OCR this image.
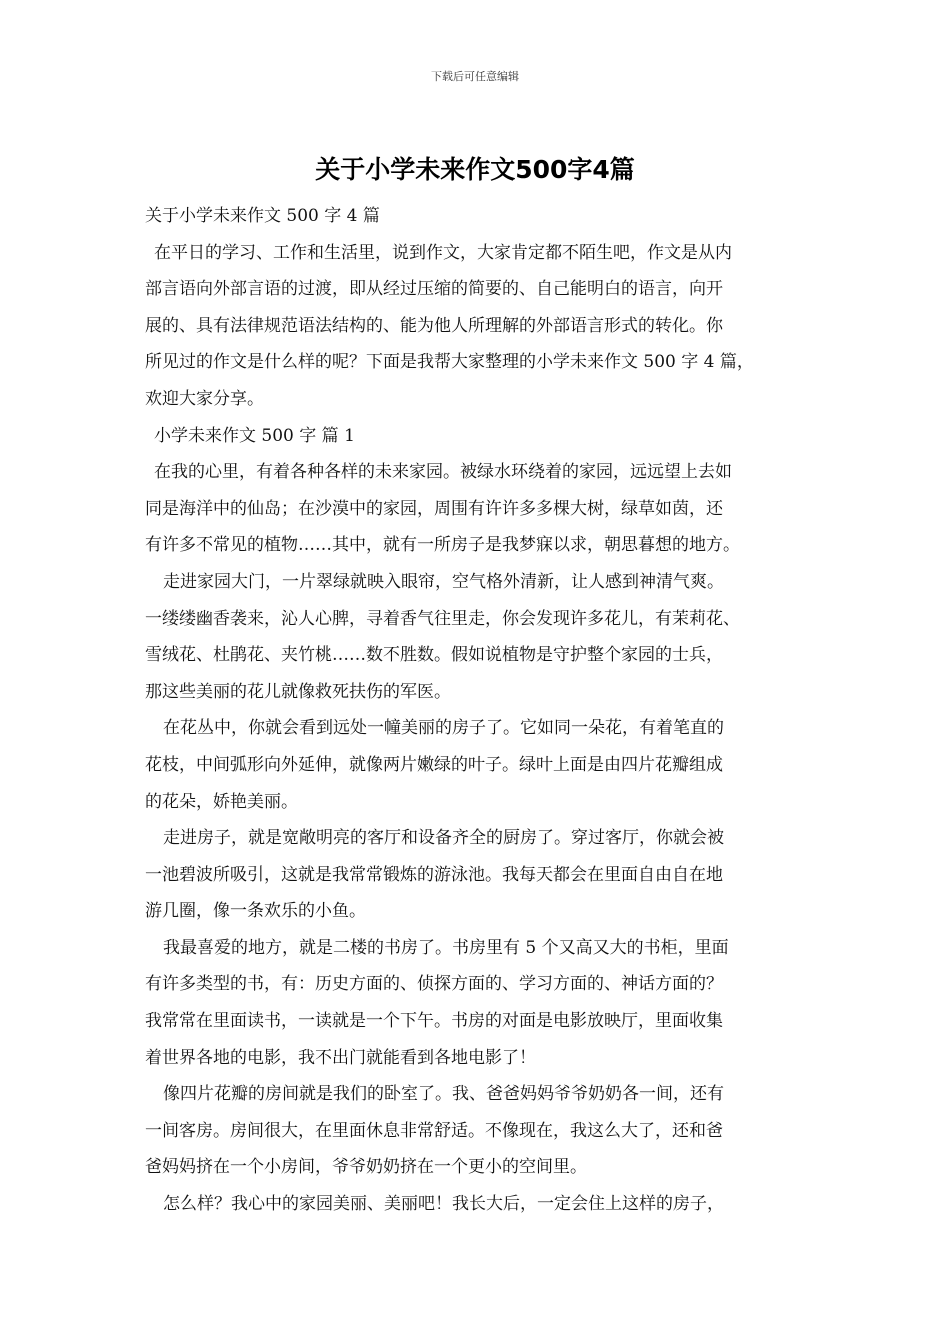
下载后可任意编辑
关于小学未来作文500字4篇
关于小学未来作文 500 字 4 篇
在平日的学习、工作和生活里，说到作文，大家肯定都不陌生吧，作文是从内
部言语向外部言语的过渡，即从经过压缩的简要的、自己能明白的语言，向开
展的、具有法律规范语法结构的、能为他人所理解的外部语言形式的转化。你
所见过的作文是什么样的呢？下面是我帮大家整理的小学未来作文 500 字 4 篇，
欢迎大家分享。
小学未来作文 500 字 篇 1
在我的心里，有着各种各样的未来家园。被绿水环绕着的家园，远远望上去如
同是海洋中的仙岛；在沙漠中的家园，周围有许许多多棵大树，绿草如茵，还
有许多不常见的植物……其中，就有一所房子是我梦寐以求，朝思暮想的地方。
走进家园大门，一片翠绿就映入眼帘，空气格外清新，让人感到神清气爽。
一缕缕幽香袭来，沁人心脾，寻着香气往里走，你会发现许多花儿，有茉莉花、
雪绒花、杜鹃花、夹竹桃……数不胜数。假如说植物是守护整个家园的士兵，
那这些美丽的花儿就像救死扶伤的军医。
在花丛中，你就会看到远处一幢美丽的房子了。它如同一朵花，有着笔直的
花枝，中间弧形向外延伸，就像两片嫩绿的叶子。绿叶上面是由四片花瓣组成
的花朵，娇艳美丽。
走进房子，就是宽敞明亮的客厅和设备齐全的厨房了。穿过客厅，你就会被
一池碧波所吸引，这就是我常常锻炼的游泳池。我每天都会在里面自由自在地
游几圈，像一条欢乐的小鱼。
我最喜爱的地方，就是二楼的书房了。书房里有 5 个又高又大的书柜，里面
有许多类型的书，有：历史方面的、侦探方面的、学习方面的、神话方面的？
我常常在里面读书，一读就是一个下午。书房的对面是电影放映厅，里面收集
着世界各地的电影，我不出门就能看到各地电影了！
像四片花瓣的房间就是我们的卧室了。我、爸爸妈妈爷爷奶奶各一间，还有
一间客房。房间很大，在里面休息非常舒适。不像现在，我这么大了，还和爸
爸妈妈挤在一个小房间，爷爷奶奶挤在一个更小的空间里。
怎么样？我心中的家园美丽、美丽吧！我长大后，一定会住上这样的房子，
